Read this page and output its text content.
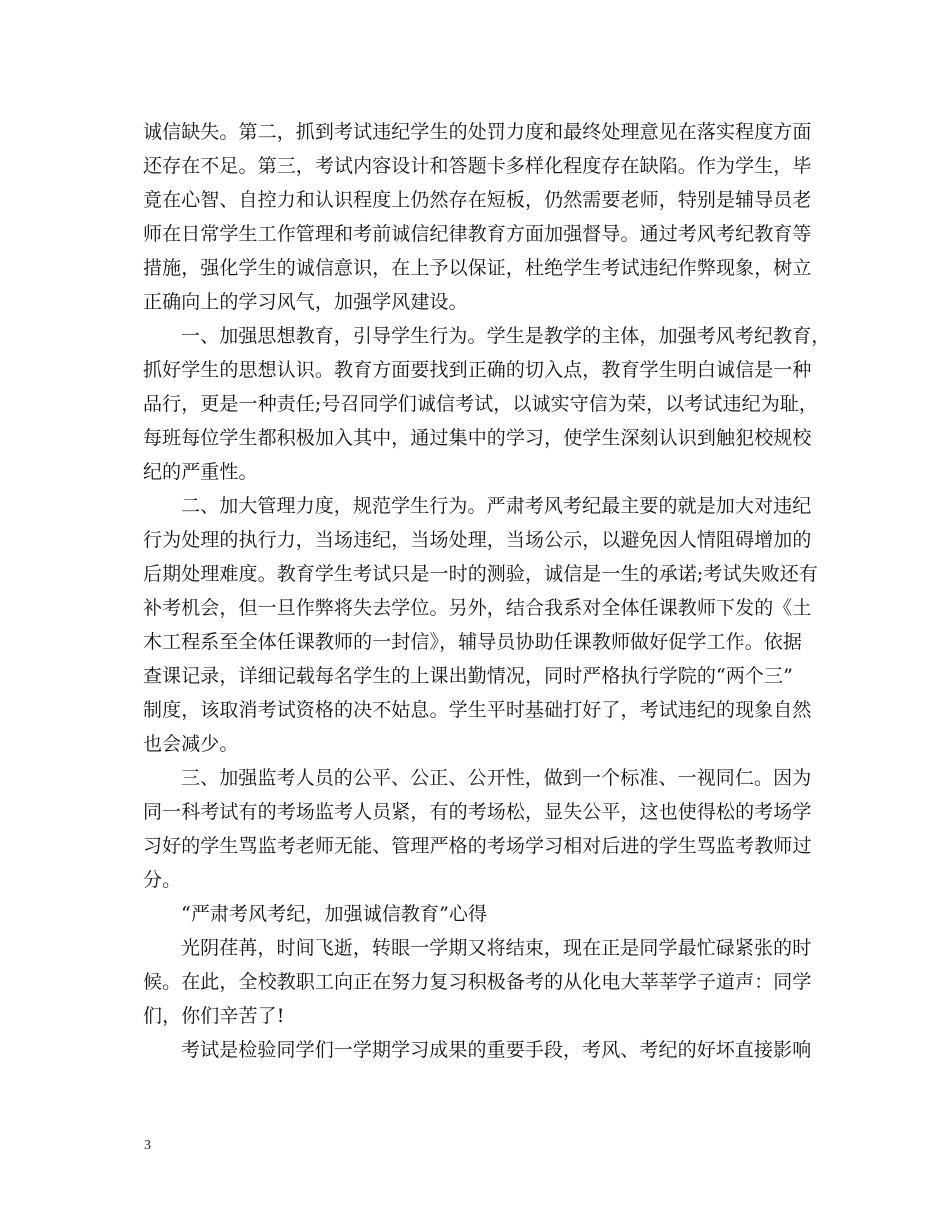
诚信缺失。第二，抓到考试违纪学生的处罚力度和最终处理意见在落实程度方面
还存在不足。第三，考试内容设计和答题卡多样化程度存在缺陷。作为学生，毕
竟在心智、自控力和认识程度上仍然存在短板，仍然需要老师，特别是辅导员老
师在日常学生工作管理和考前诚信纪律教育方面加强督导。通过考风考纪教育等
措施，强化学生的诚信意识，在上予以保证，杜绝学生考试违纪作弊现象，树立
正确向上的学习风气，加强学风建设。
一、加强思想教育，引导学生行为。学生是教学的主体，加强考风考纪教育，
抓好学生的思想认识。教育方面要找到正确的切入点，教育学生明白诚信是一种
品行，更是一种责任;号召同学们诚信考试，以诚实守信为荣，以考试违纪为耻，
每班每位学生都积极加入其中，通过集中的学习，使学生深刻认识到触犯校规校
纪的严重性。
二、加大管理力度，规范学生行为。严肃考风考纪最主要的就是加大对违纪
行为处理的执行力，当场违纪，当场处理，当场公示，以避免因人情阻碍增加的
后期处理难度。教育学生考试只是一时的测验，诚信是一生的承诺;考试失败还有
补考机会，但一旦作弊将失去学位。另外，结合我系对全体任课教师下发的《土
木工程系至全体任课教师的一封信》，辅导员协助任课教师做好促学工作。依据
查课记录，详细记载每名学生的上课出勤情况，同时严格执行学院的“两个三”
制度，该取消考试资格的决不姑息。学生平时基础打好了，考试违纪的现象自然
也会减少。
三、加强监考人员的公平、公正、公开性，做到一个标准、一视同仁。因为
同一科考试有的考场监考人员紧，有的考场松，显失公平，这也使得松的考场学
习好的学生骂监考老师无能、管理严格的考场学习相对后进的学生骂监考教师过
分。
“严肃考风考纪，加强诚信教育”心得
光阴荏苒，时间飞逝，转眼一学期又将结束，现在正是同学最忙碌紧张的时
候。在此，全校教职工向正在努力复习积极备考的从化电大莘莘学子道声：同学
们，你们辛苦了!
考试是检验同学们一学期学习成果的重要手段，考风、考纪的好坏直接影响
3
